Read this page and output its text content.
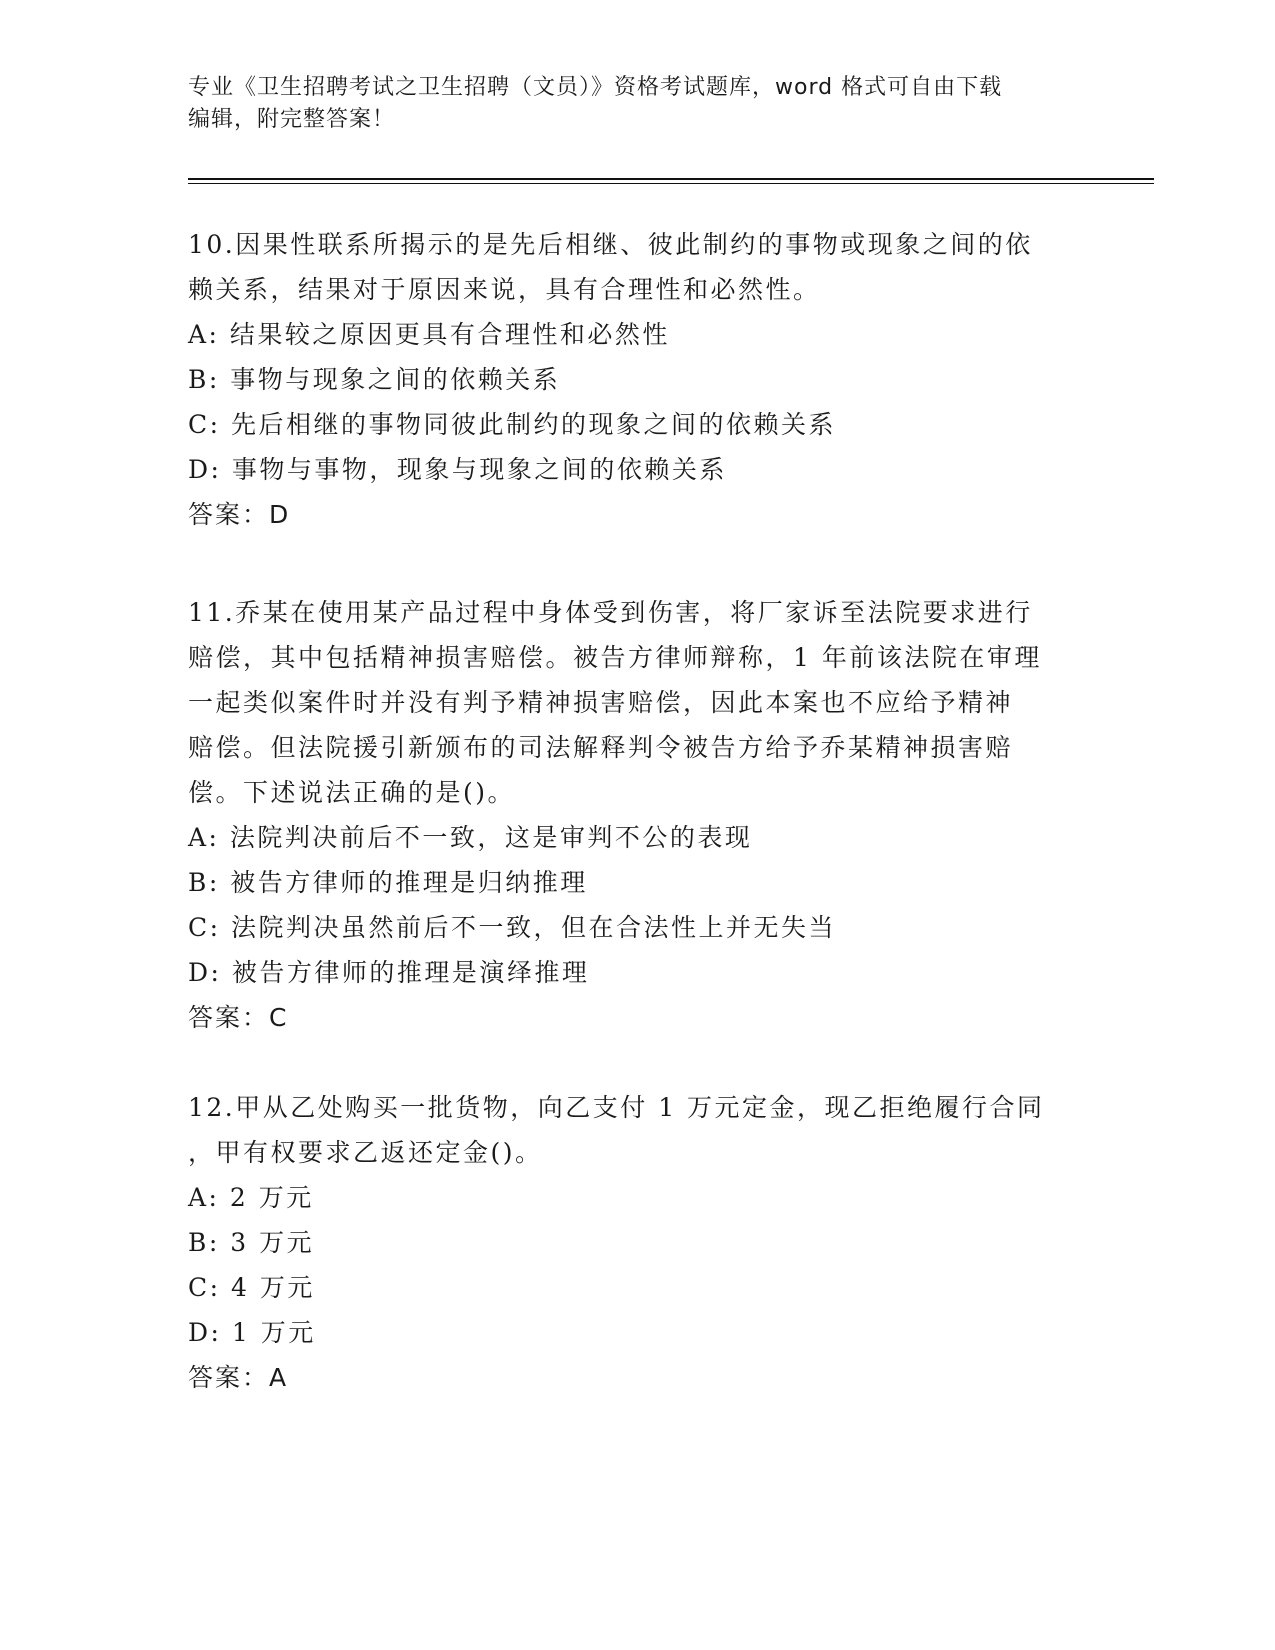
专业《卫生招聘考试之卫生招聘（文员）》资格考试题库，word 格式可自由下载
编辑，附完整答案！

10.因果性联系所揭示的是先后相继、彼此制约的事物或现象之间的依

赖关系，结果对于原因来说，具有合理性和必然性。

A: 结果较之原因更具有合理性和必然性

B: 事物与现象之间的依赖关系

C: 先后相继的事物同彼此制约的现象之间的依赖关系

D: 事物与事物，现象与现象之间的依赖关系

答案：D

11.乔某在使用某产品过程中身体受到伤害，将厂家诉至法院要求进行

赔偿，其中包括精神损害赔偿。被告方律师辩称，1 年前该法院在审理

一起类似案件时并没有判予精神损害赔偿，因此本案也不应给予精神

赔偿。但法院援引新颁布的司法解释判令被告方给予乔某精神损害赔

偿。下述说法正确的是()。

A: 法院判决前后不一致，这是审判不公的表现

B: 被告方律师的推理是归纳推理

C: 法院判决虽然前后不一致，但在合法性上并无失当

D: 被告方律师的推理是演绎推理

答案：C

12.甲从乙处购买一批货物，向乙支付 1 万元定金，现乙拒绝履行合同

，甲有权要求乙返还定金()。

A: 2 万元

B: 3 万元

C: 4 万元

D: 1 万元

答案：A
